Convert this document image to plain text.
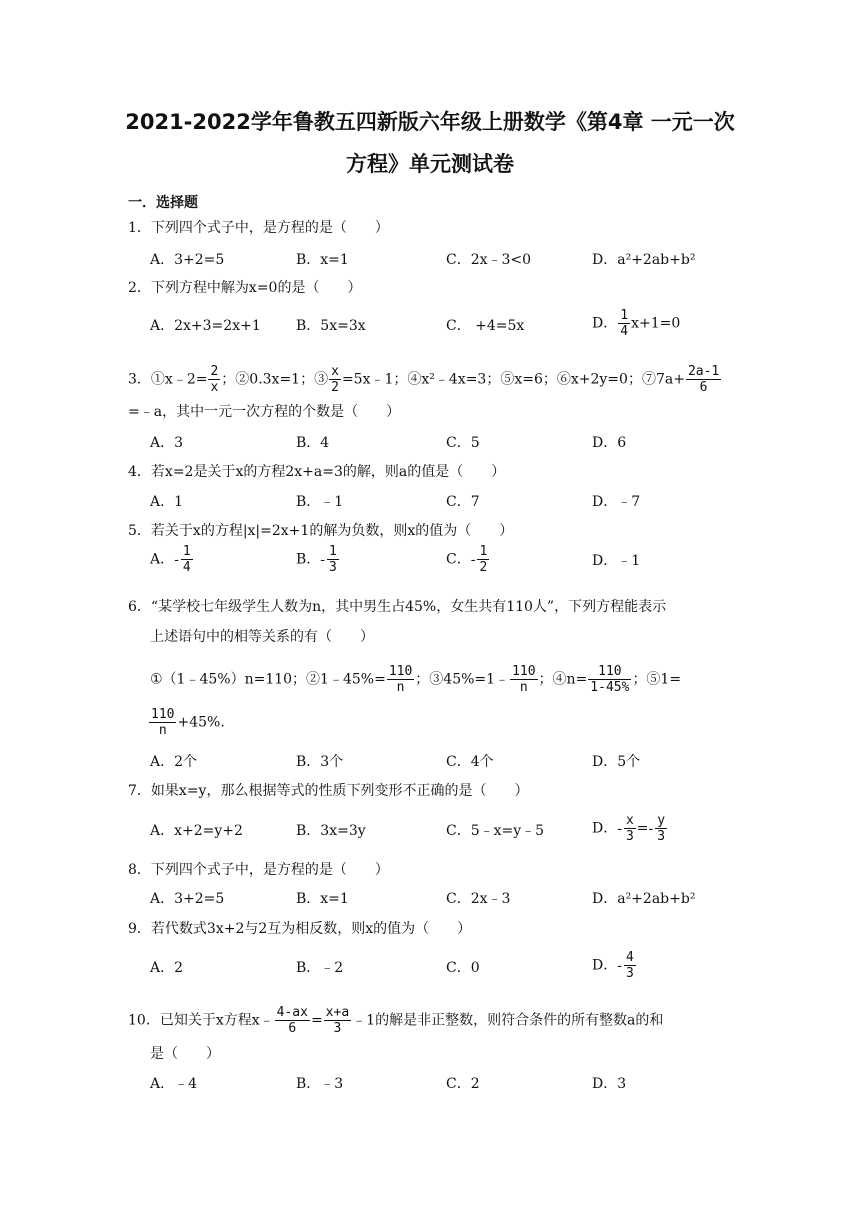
2021-2022学年鲁教五四新版六年级上册数学《第4章 一元一次
方程》单元测试卷
一．选择题
1．下列四个式子中，是方程的是（　　）
A．3+2=5	B．x=1	C．2x﹣3<0	D．a²+2ab+b²
2．下列方程中解为x=0的是（　　）
A．2x+3=2x+1	B．5x=3x	C． +4=5x	D． $\frac{1}{4} x+1=0$
3．①x﹣2= $\frac{2}{x}$ ；②0.3x=1；③ $\frac{x}{2}$ =5x﹣1；④x²﹣4x=3；⑤x=6；⑥x+2y=0；⑦7a+ $\frac{2a-1}{6}$
=﹣a，其中一元一次方程的个数是（　　）
A．3	B．4	C．5	D．6
4．若x=2是关于x的方程2x+a=3的解，则a的值是（　　）
A．1	B．﹣1	C．7	D．﹣7
5．若关于x的方程|x|=2x+1的解为负数，则x的值为（　　）
A．- $\frac{1}{4}$	B．- $\frac{1}{3}$	C．- $\frac{1}{2}$	D．﹣1
6．“某学校七年级学生人数为n，其中男生占45%，女生共有110人”，下列方程能表示
上述语句中的相等关系的有（　　）
①（1﹣45%）n=110；②1﹣45%= $\frac{110}{n}$ ；③45%=1﹣ $\frac{110}{n}$ ；④n= $\frac{110}{1-45\%}$ ；⑤1=
$\frac{110}{n} +45\%$.
A．2个	B．3个	C．4个	D．5个
7．如果x=y，那么根据等式的性质下列变形不正确的是（　　）
A．x+2=y+2	B．3x=3y	C．5﹣x=y﹣5	D．- $\frac{x}{3} =- \frac{y}{3}$
8．下列四个式子中，是方程的是（　　）
A．3+2=5	B．x=1	C．2x﹣3	D．a²+2ab+b²
9．若代数式3x+2与2互为相反数，则x的值为（　　）
A．2	B．﹣2	C．0	D．- $\frac{4}{3}$
10．已知关于x方程x﹣ $\frac{4-ax}{6} = \frac{x+a}{3}$ ﹣1的解是非正整数，则符合条件的所有整数a的和
是（　　）
A．﹣4	B．﹣3	C．2	D．3
